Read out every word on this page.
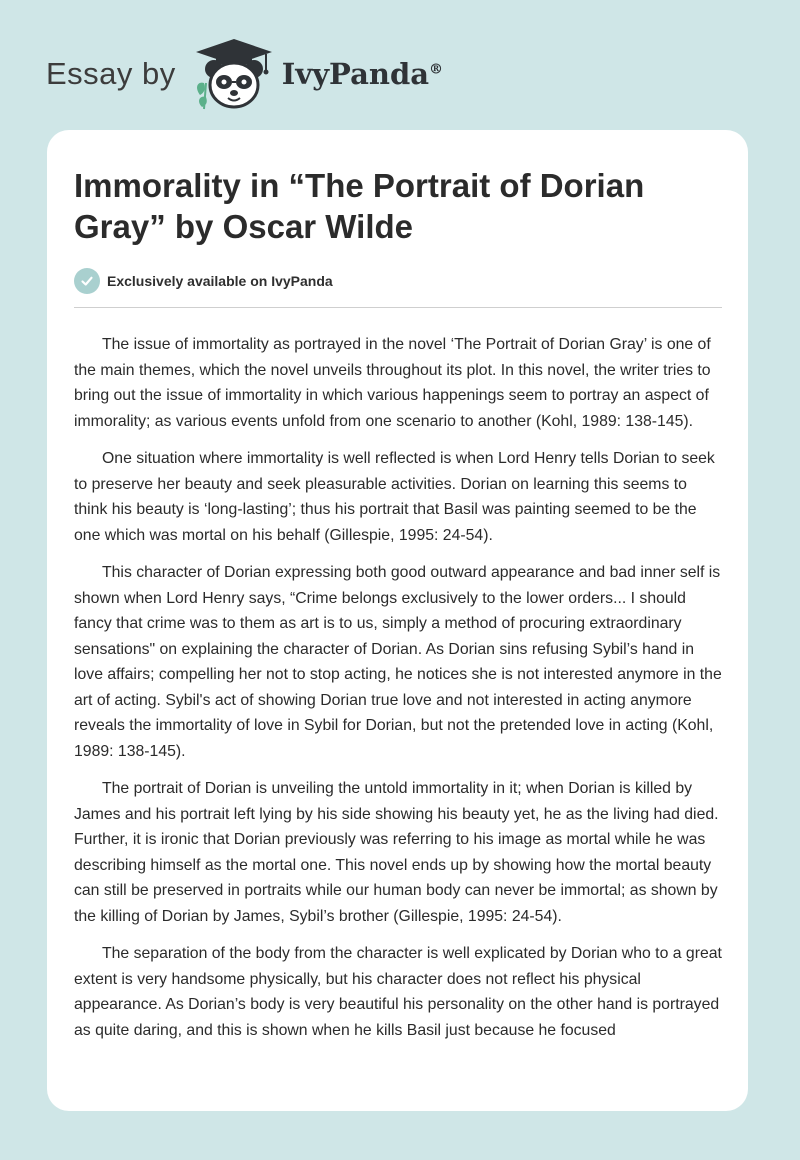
Essay by	IvyPanda®
Immorality in “The Portrait of Dorian Gray” by Oscar Wilde
Exclusively available on IvyPanda

The issue of immortality as portrayed in the novel ‘The Portrait of Dorian Gray’ is one of the main themes, which the novel unveils throughout its plot. In this novel, the writer tries to bring out the issue of immortality in which various happenings seem to portray an aspect of immorality; as various events unfold from one scenario to another (Kohl, 1989: 138-145).

One situation where immortality is well reflected is when Lord Henry tells Dorian to seek to preserve her beauty and seek pleasurable activities. Dorian on learning this seems to think his beauty is ‘long-lasting’; thus his portrait that Basil was painting seemed to be the one which was mortal on his behalf (Gillespie, 1995: 24-54).

This character of Dorian expressing both good outward appearance and bad inner self is shown when Lord Henry says, “Crime belongs exclusively to the lower orders... I should fancy that crime was to them as art is to us, simply a method of procuring extraordinary sensations" on explaining the character of Dorian. As Dorian sins refusing Sybil’s hand in love affairs; compelling her not to stop acting, he notices she is not interested anymore in the art of acting. Sybil's act of showing Dorian true love and not interested in acting anymore reveals the immortality of love in Sybil for Dorian, but not the pretended love in acting (Kohl, 1989: 138-145).

The portrait of Dorian is unveiling the untold immortality in it; when Dorian is killed by James and his portrait left lying by his side showing his beauty yet, he as the living had died. Further, it is ironic that Dorian previously was referring to his image as mortal while he was describing himself as the mortal one. This novel ends up by showing how the mortal beauty can still be preserved in portraits while our human body can never be immortal; as shown by the killing of Dorian by James, Sybil’s brother (Gillespie, 1995: 24-54).

The separation of the body from the character is well explicated by Dorian who to a great extent is very handsome physically, but his character does not reflect his physical appearance. As Dorian’s body is very beautiful his personality on the other hand is portrayed as quite daring, and this is shown when he kills Basil just because he focused
